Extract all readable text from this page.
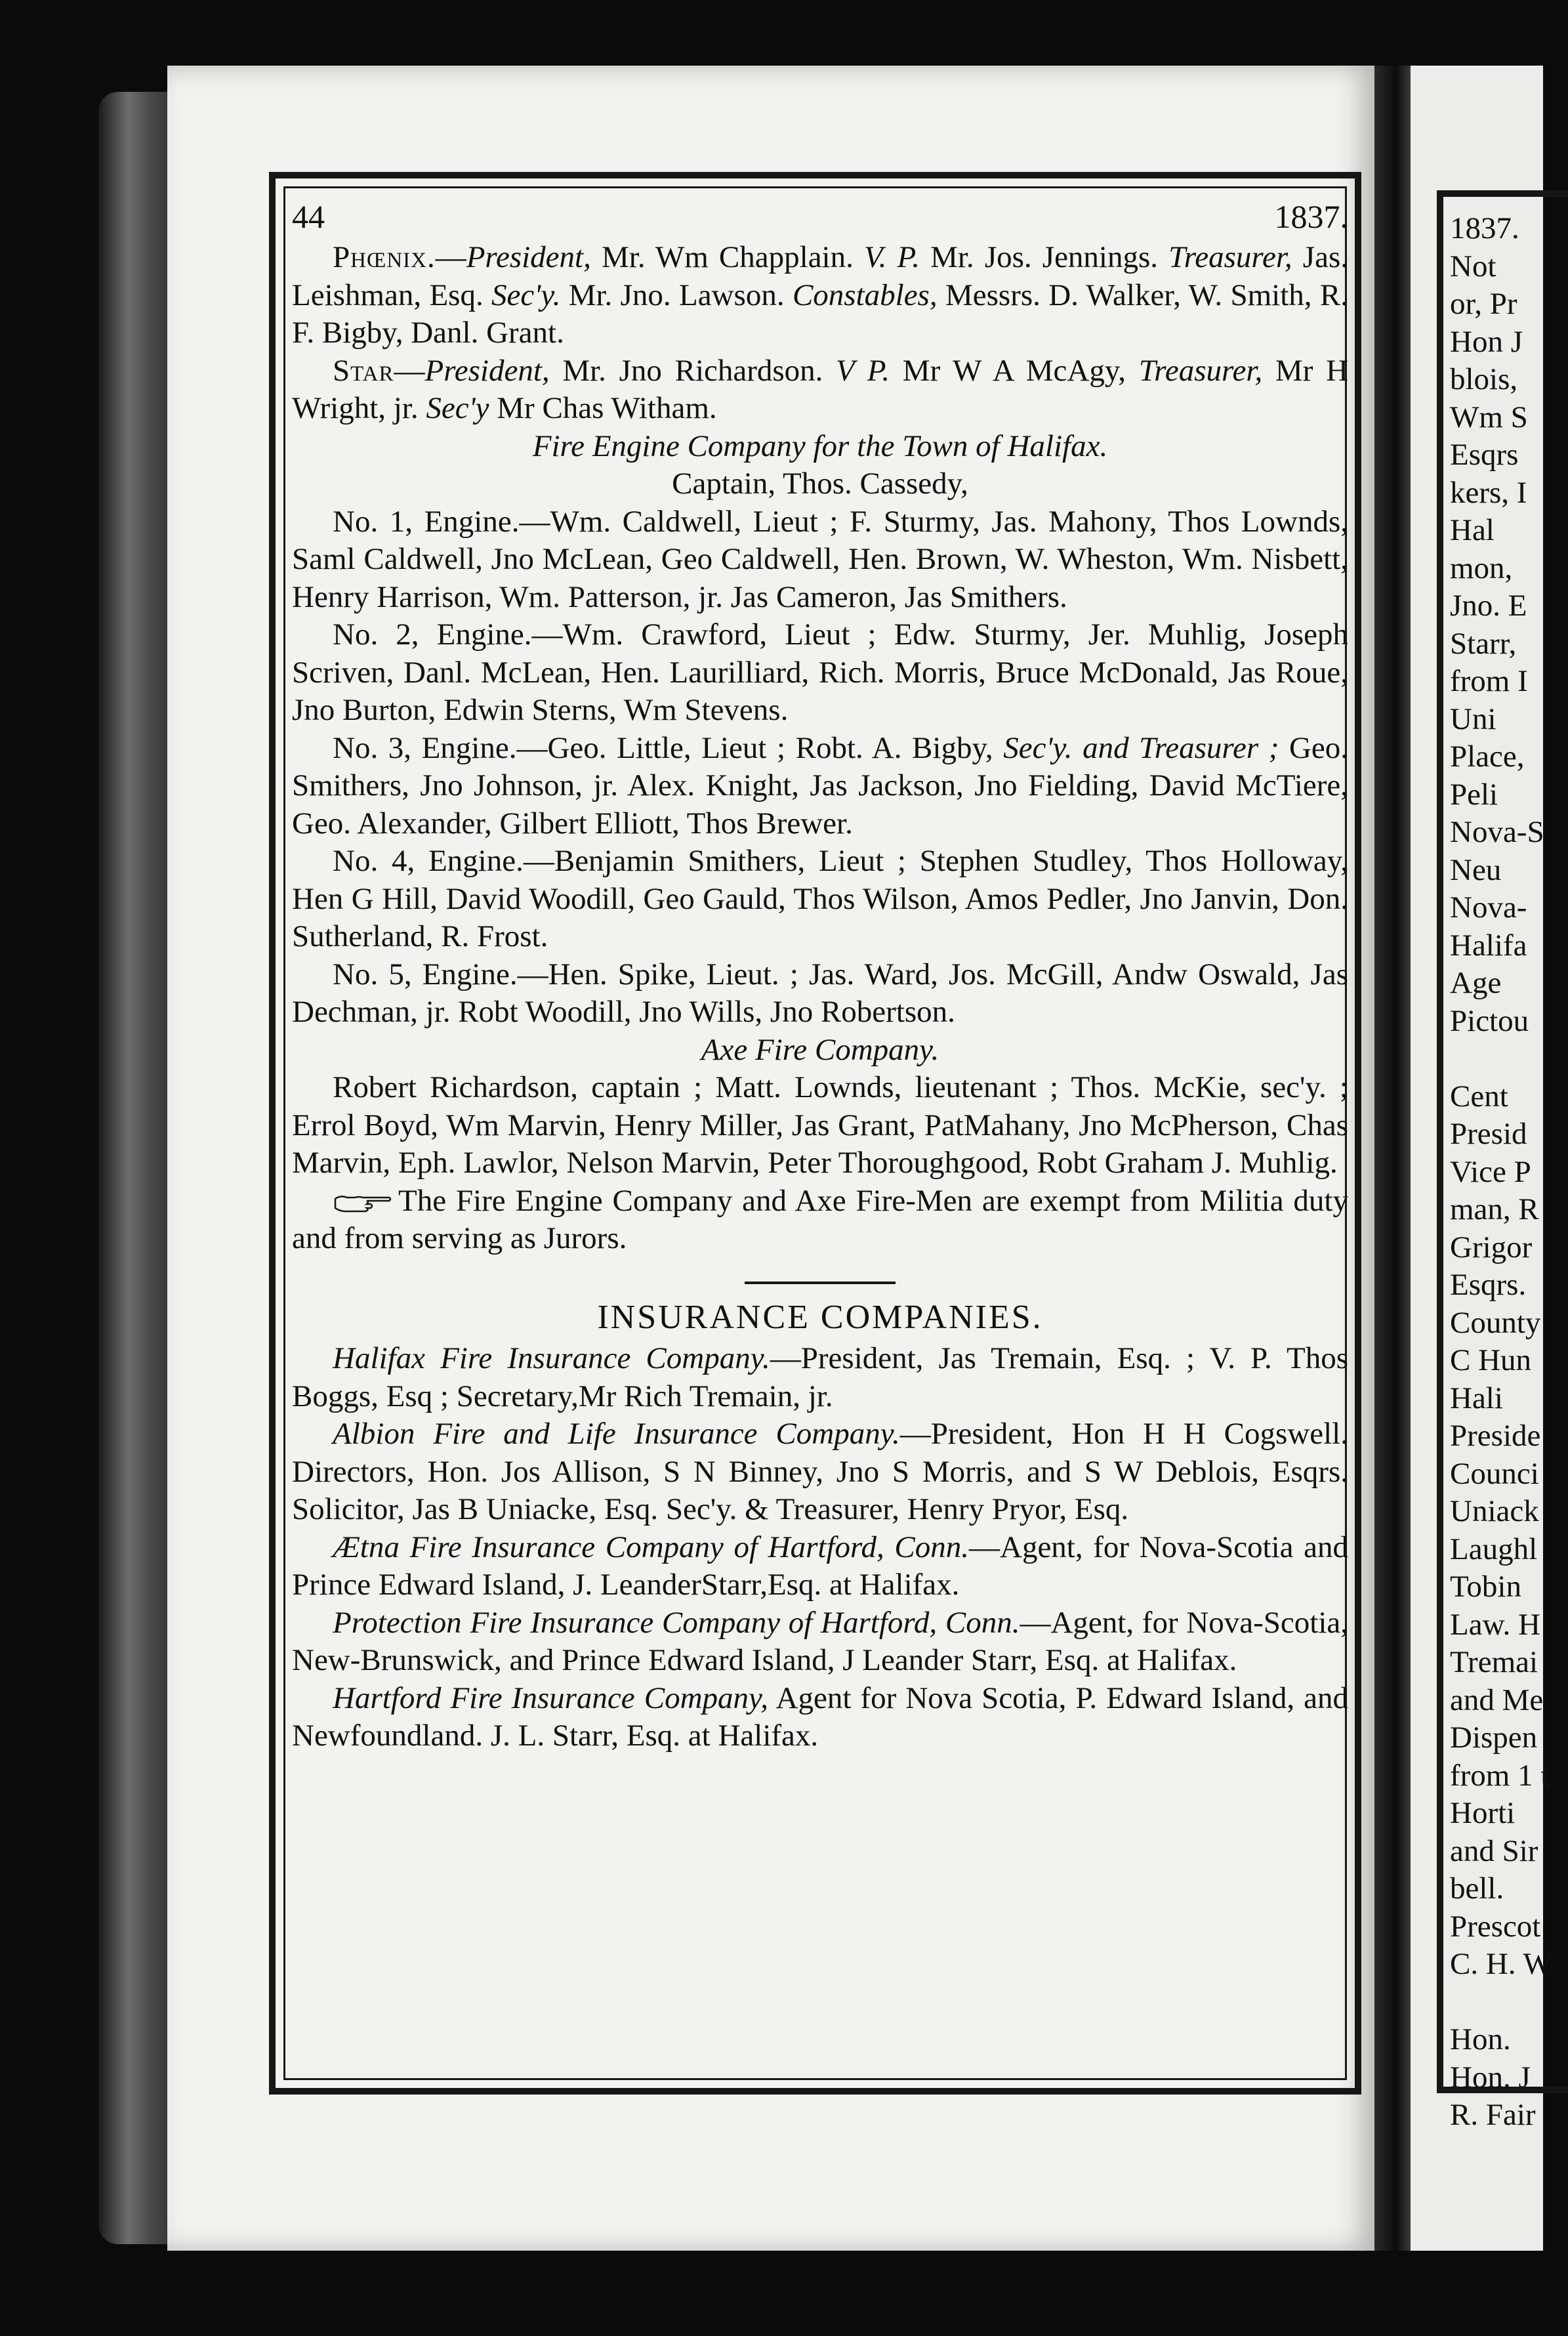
44	1837.

Phœnix.—President, Mr. Wm Chapplain. V. P. Mr. Jos. Jennings. Treasurer, Jas. Leishman, Esq. Sec'y. Mr. Jno. Lawson. Constables, Messrs. D. Walker, W. Smith, R. F. Bigby, Danl. Grant.

Star—President, Mr. Jno Richardson. V P. Mr W A McAgy, Treasurer, Mr H Wright, jr. Sec'y Mr Chas Witham.

Fire Engine Company for the Town of Halifax.

Captain, Thos. Cassedy,

No. 1, Engine.—Wm. Caldwell, Lieut ; F. Sturmy, Jas. Mahony, Thos Lownds, Saml Caldwell, Jno McLean, Geo Caldwell, Hen. Brown, W. Wheston, Wm. Nisbett, Henry Harrison, Wm. Patterson, jr. Jas Cameron, Jas Smithers.

No. 2, Engine.—Wm. Crawford, Lieut ; Edw. Sturmy, Jer. Muhlig, Joseph Scriven, Danl. McLean, Hen. Laurilliard, Rich. Morris, Bruce McDonald, Jas Roue, Jno Burton, Edwin Sterns, Wm Stevens.

No. 3, Engine.—Geo. Little, Lieut ; Robt. A. Bigby, Sec'y. and Treasurer ; Geo. Smithers, Jno Johnson, jr. Alex. Knight, Jas Jackson, Jno Fielding, David McTiere, Geo. Alexander, Gilbert Elliott, Thos Brewer.

No. 4, Engine.—Benjamin Smithers, Lieut ; Stephen Studley, Thos Holloway, Hen G Hill, David Woodill, Geo Gauld, Thos Wilson, Amos Pedler, Jno Janvin, Don. Sutherland, R. Frost.

No. 5, Engine.—Hen. Spike, Lieut. ; Jas. Ward, Jos. McGill, Andw Oswald, Jas Dechman, jr. Robt Woodill, Jno Wills, Jno Robertson.

Axe Fire Company.

Robert Richardson, captain ; Matt. Lownds, lieutenant ; Thos. McKie, sec'y. ; Errol Boyd, Wm Marvin, Henry Miller, Jas Grant, PatMahany, Jno McPherson, Chas Marvin, Eph. Lawlor, Nelson Marvin, Peter Thoroughgood, Robt Graham J. Muhlig.

The Fire Engine Company and Axe Fire-Men are exempt from Militia duty and from serving as Jurors.

INSURANCE COMPANIES.

Halifax Fire Insurance Company.—President, Jas Tremain, Esq. ; V. P. Thos Boggs, Esq ; Secretary,Mr Rich Tremain, jr.

Albion Fire and Life Insurance Company.—President, Hon H H Cogswell. Directors, Hon. Jos Allison, S N Binney, Jno S Morris, and S W Deblois, Esqrs. Solicitor, Jas B Uniacke, Esq. Sec'y. & Treasurer, Henry Pryor, Esq.

Ætna Fire Insurance Company of Hartford, Conn.—Agent, for Nova-Scotia and Prince Edward Island, J. LeanderStarr,Esq. at Halifax.

Protection Fire Insurance Company of Hartford, Conn.—Agent, for Nova-Scotia, New-Brunswick, and Prince Edward Island, J Leander Starr, Esq. at Halifax.

Hartford Fire Insurance Company, Agent for Nova Scotia, P. Edward Island, and Newfoundland. J. L. Starr, Esq. at Halifax.

1837.
Not
or, Pr
Hon J
blois,
Wm S
Esqrs
kers, I
Hal
mon,
Jno. E
Starr,
from I
Uni
Place,
Peli
Nova-S
Neu
Nova-
Halifa
Age
Pictou
Cent
Presid
Vice P
man, R
Grigor
Esqrs.
County
C Hun
Hali
Preside
Counci
Uniack
Laughl
Tobin
Law. H
Tremai
and Me
Dispen
from 1 t
Horti
and Sir
bell.
Prescot
C. H. W
Hon.
Hon. J
R. Fair
